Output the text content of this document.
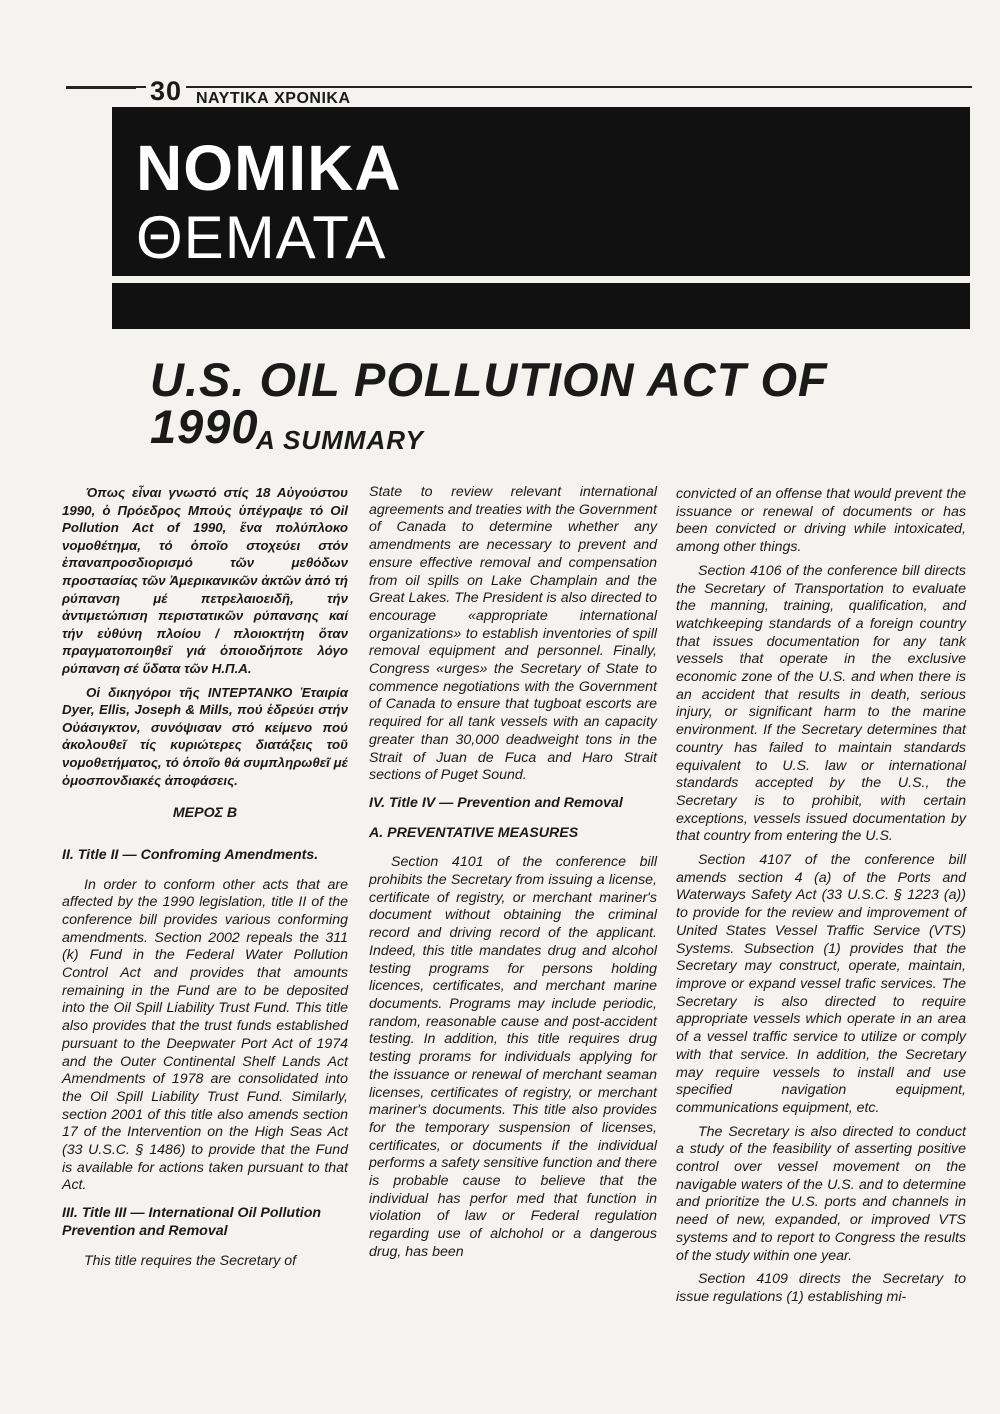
30 ΝΑΥΤΙΚΑ ΧΡΟΝΙΚΑ
ΝΟΜΙΚΑ
ΘΕΜΑΤΑ
U.S. OIL POLLUTION ACT OF 1990
A SUMMARY

Όπως εἶναι γνωστό στίς 18 Αὐγούστου 1990, ὁ Πρόεδρος Μπούς ὑπέγραψε τό Oil Pollution Act of 1990, ἕνα πολύπλοκο νομοθέτημα, τό ὁποῖο στοχεύει στόν ἐπαναπροσδιορισμό τῶν μεθόδων προστασίας τῶν Ἀμερικανικῶν ἀκτῶν ἀπό τή ρύπανση μέ πετρελαιοειδῆ, τήν ἀντιμετώπιση περιστατικῶν ρύπανσης καί τήν εὐθύνη πλοίου / πλοιοκτήτη ὅταν πραγματοποιηθεῖ γιά ὁποιοδήποτε λόγο ρύπανση σέ ὕδατα τῶν Η.Π.Α.

Οἱ δικηγόροι τῆς ΙΝΤΕΡΤΑΝΚΟ Ἑταιρία Dyer, Ellis, Joseph & Mills, πού ἑδρεύει στήν Οὐάσιγκτον, συνόψισαν στό κείμενο πού ἀκολουθεῖ τίς κυριώτερες διατάξεις τοῦ νομοθετήματος, τό ὁποῖο θά συμπληρωθεῖ μέ ὁμοσπονδιακές ἀποφάσεις.

ΜΕΡΟΣ Β
II. Title II — Confroming Amendments.

In order to conform other acts that are affected by the 1990 legislation, title II of the conference bill provides various conforming amendments. Section 2002 repeals the 311 (k) Fund in the Federal Water Pollution Control Act and provides that amounts remaining in the Fund are to be deposited into the Oil Spill Liability Trust Fund. This title also provides that the trust funds established pursuant to the Deepwater Port Act of 1974 and the Outer Continental Shelf Lands Act Amendments of 1978 are consolidated into the Oil Spill Liability Trust Fund. Similarly, section 2001 of this title also amends section 17 of the Intervention on the High Seas Act (33 U.S.C. § 1486) to provide that the Fund is available for actions taken pursuant to that Act.

III. Title III — International Oil Pollution Prevention and Removal

This title requires the Secretary of

State to review relevant international agreements and treaties with the Government of Canada to determine whether any amendments are necessary to prevent and ensure effective removal and compensation from oil spills on Lake Champlain and the Great Lakes. The President is also directed to encourage «appropriate international organizations» to establish inventories of spill removal equipment and personnel. Finally, Congress «urges» the Secretary of State to commence negotiations with the Government of Canada to ensure that tugboat escorts are required for all tank vessels with an capacity greater than 30,000 deadweight tons in the Strait of Juan de Fuca and Haro Strait sections of Puget Sound.

IV. Title IV — Prevention and Removal
A. PREVENTATIVE MEASURES

Section 4101 of the conference bill prohibits the Secretary from issuing a license, certificate of registry, or merchant mariner's document without obtaining the criminal record and driving record of the applicant. Indeed, this title mandates drug and alcohol testing programs for persons holding licences, certificates, and merchant marine documents. Programs may include periodic, random, reasonable cause and post-accident testing. In addition, this title requires drug testing prorams for individuals applying for the issuance or renewal of merchant seaman licenses, certificates of registry, or merchant mariner's documents. This title also provides for the temporary suspension of licenses, certificates, or documents if the individual performs a safety sensitive function and there is probable cause to believe that the individual has perfor med that function in violation of law or Federal regulation regarding use of alchohol or a dangerous drug, has been

convicted of an offense that would prevent the issuance or renewal of documents or has been convicted or driving while intoxicated, among other things.

Section 4106 of the conference bill directs the Secretary of Transportation to evaluate the manning, training, qualification, and watchkeeping standards of a foreign country that issues documentation for any tank vessels that operate in the exclusive economic zone of the U.S. and when there is an accident that results in death, serious injury, or significant harm to the marine environment. If the Secretary determines that country has failed to maintain standards equivalent to U.S. law or international standards accepted by the U.S., the Secretary is to prohibit, with certain exceptions, vessels issued documentation by that country from entering the U.S.

Section 4107 of the conference bill amends section 4 (a) of the Ports and Waterways Safety Act (33 U.S.C. § 1223 (a)) to provide for the review and improvement of United States Vessel Traffic Service (VTS) Systems. Subsection (1) provides that the Secretary may construct, operate, maintain, improve or expand vessel trafic services. The Secretary is also directed to require appropriate vessels which operate in an area of a vessel traffic service to utilize or comply with that service. In addition, the Secretary may require vessels to install and use specified navigation equipment, communications equipment, etc.

The Secretary is also directed to conduct a study of the feasibility of asserting positive control over vessel movement on the navigable waters of the U.S. and to determine and prioritize the U.S. ports and channels in need of new, expanded, or improved VTS systems and to report to Congress the results of the study within one year.

Section 4109 directs the Secretary to issue regulations (1) establishing mi-
